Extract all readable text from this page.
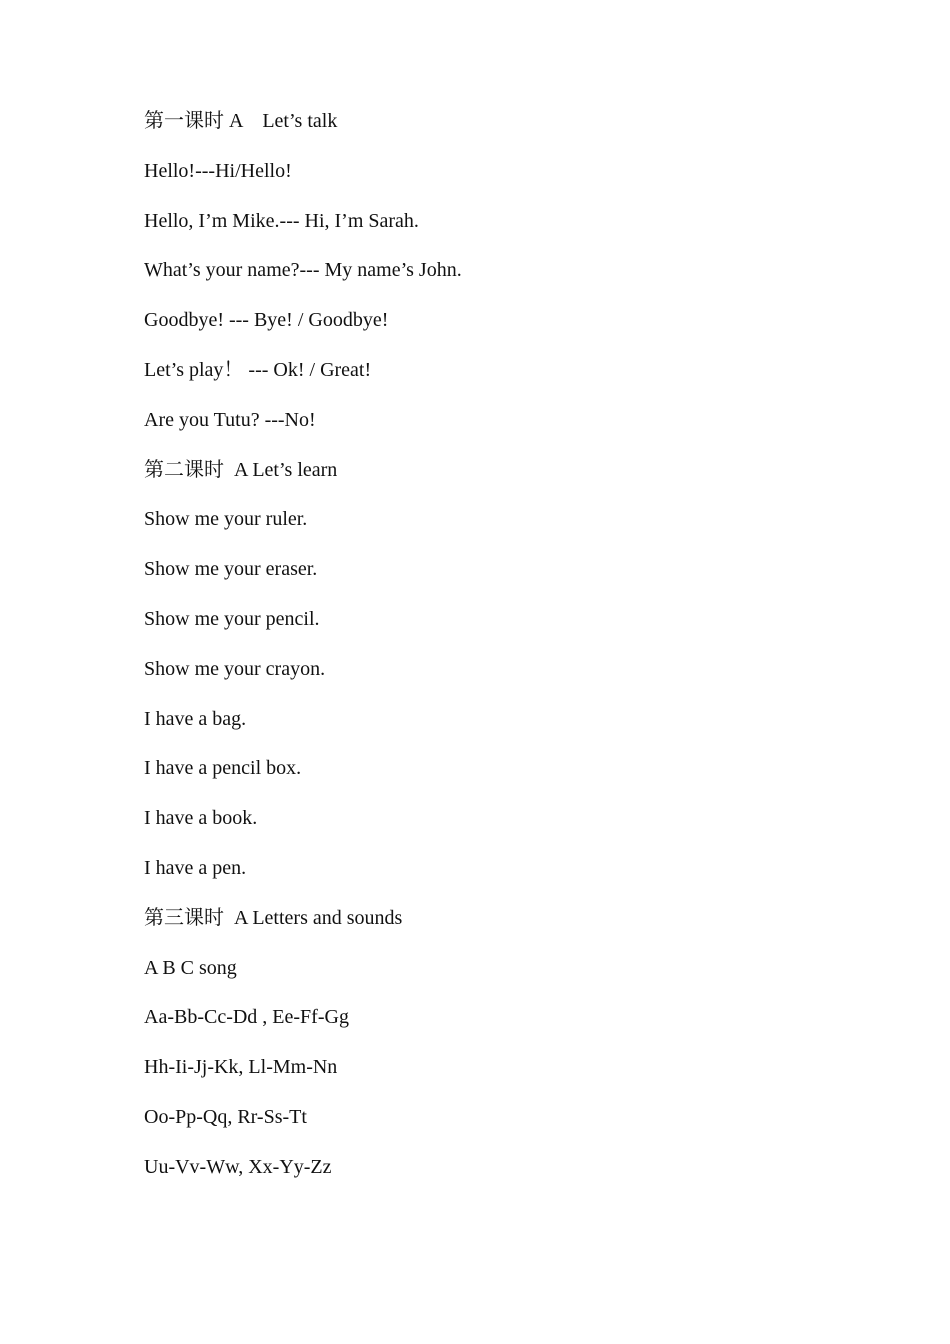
第一课时 A    Let’s talk

Hello!---Hi/Hello!

Hello, I’m Mike.--- Hi, I’m Sarah.

What’s your name?--- My name’s John.

Goodbye! --- Bye! / Goodbye!

Let’s play！ --- Ok! / Great!

Are you Tutu? ---No!

第二课时  A Let’s learn

Show me your ruler.

Show me your eraser.

Show me your pencil.

Show me your crayon.

I have a bag.

I have a pencil box.

I have a book.

I have a pen.

第三课时  A Letters and sounds

A B C song

Aa-Bb-Cc-Dd , Ee-Ff-Gg

Hh-Ii-Jj-Kk, Ll-Mm-Nn

Oo-Pp-Qq, Rr-Ss-Tt

Uu-Vv-Ww, Xx-Yy-Zz
